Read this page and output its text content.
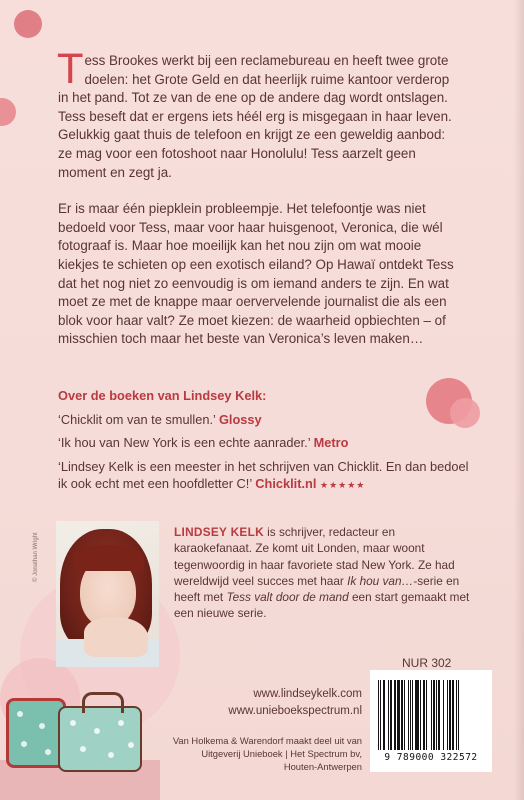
Tess Brookes werkt bij een reclamebureau en heeft twee grote doelen: het Grote Geld en dat heerlijk ruime kantoor verderop in het pand. Tot ze van de ene op de andere dag wordt ontslagen. Tess beseft dat er ergens iets héél erg is misgegaan in haar leven. Gelukkig gaat thuis de telefoon en krijgt ze een geweldig aanbod: ze mag voor een fotoshoot naar Honolulu! Tess aarzelt geen moment en zegt ja.

Er is maar één piepklein probleempje. Het telefoontje was niet bedoeld voor Tess, maar voor haar huisgenoot, Veronica, die wél fotograaf is. Maar hoe moeilijk kan het nou zijn om wat mooie kiekjes te schieten op een exotisch eiland? Op Hawaï ontdekt Tess dat het nog niet zo eenvoudig is om iemand anders te zijn. En wat moet ze met de knappe maar oervervelende journalist die als een blok voor haar valt? Ze moet kiezen: de waarheid opbiechten – of misschien toch maar het beste van Veronica’s leven maken…

Over de boeken van Lindsey Kelk:
‘Chicklit om van te smullen.’ Glossy
‘Ik hou van New York is een echte aanrader.’ Metro
‘Lindsey Kelk is een meester in het schrijven van Chicklit. En dan bedoel ik ook echt met een hoofdletter C!’ Chicklit.nl ★★★★★
© Jonathan Wright
LINDSEY KELK is schrijver, redacteur en karaokefanaat. Ze komt uit Londen, maar woont tegenwoordig in haar favoriete stad New York. Ze had wereldwijd veel succes met haar Ik hou van…-serie en heeft met Tess valt door de mand een start gemaakt met een nieuwe serie.
NUR 302
www.lindseykelk.com
www.unieboekspectrum.nl
Van Holkema & Warendorf maakt deel uit van Uitgeverij Unieboek | Het Spectrum bv, Houten-Antwerpen
9 789000 322572
